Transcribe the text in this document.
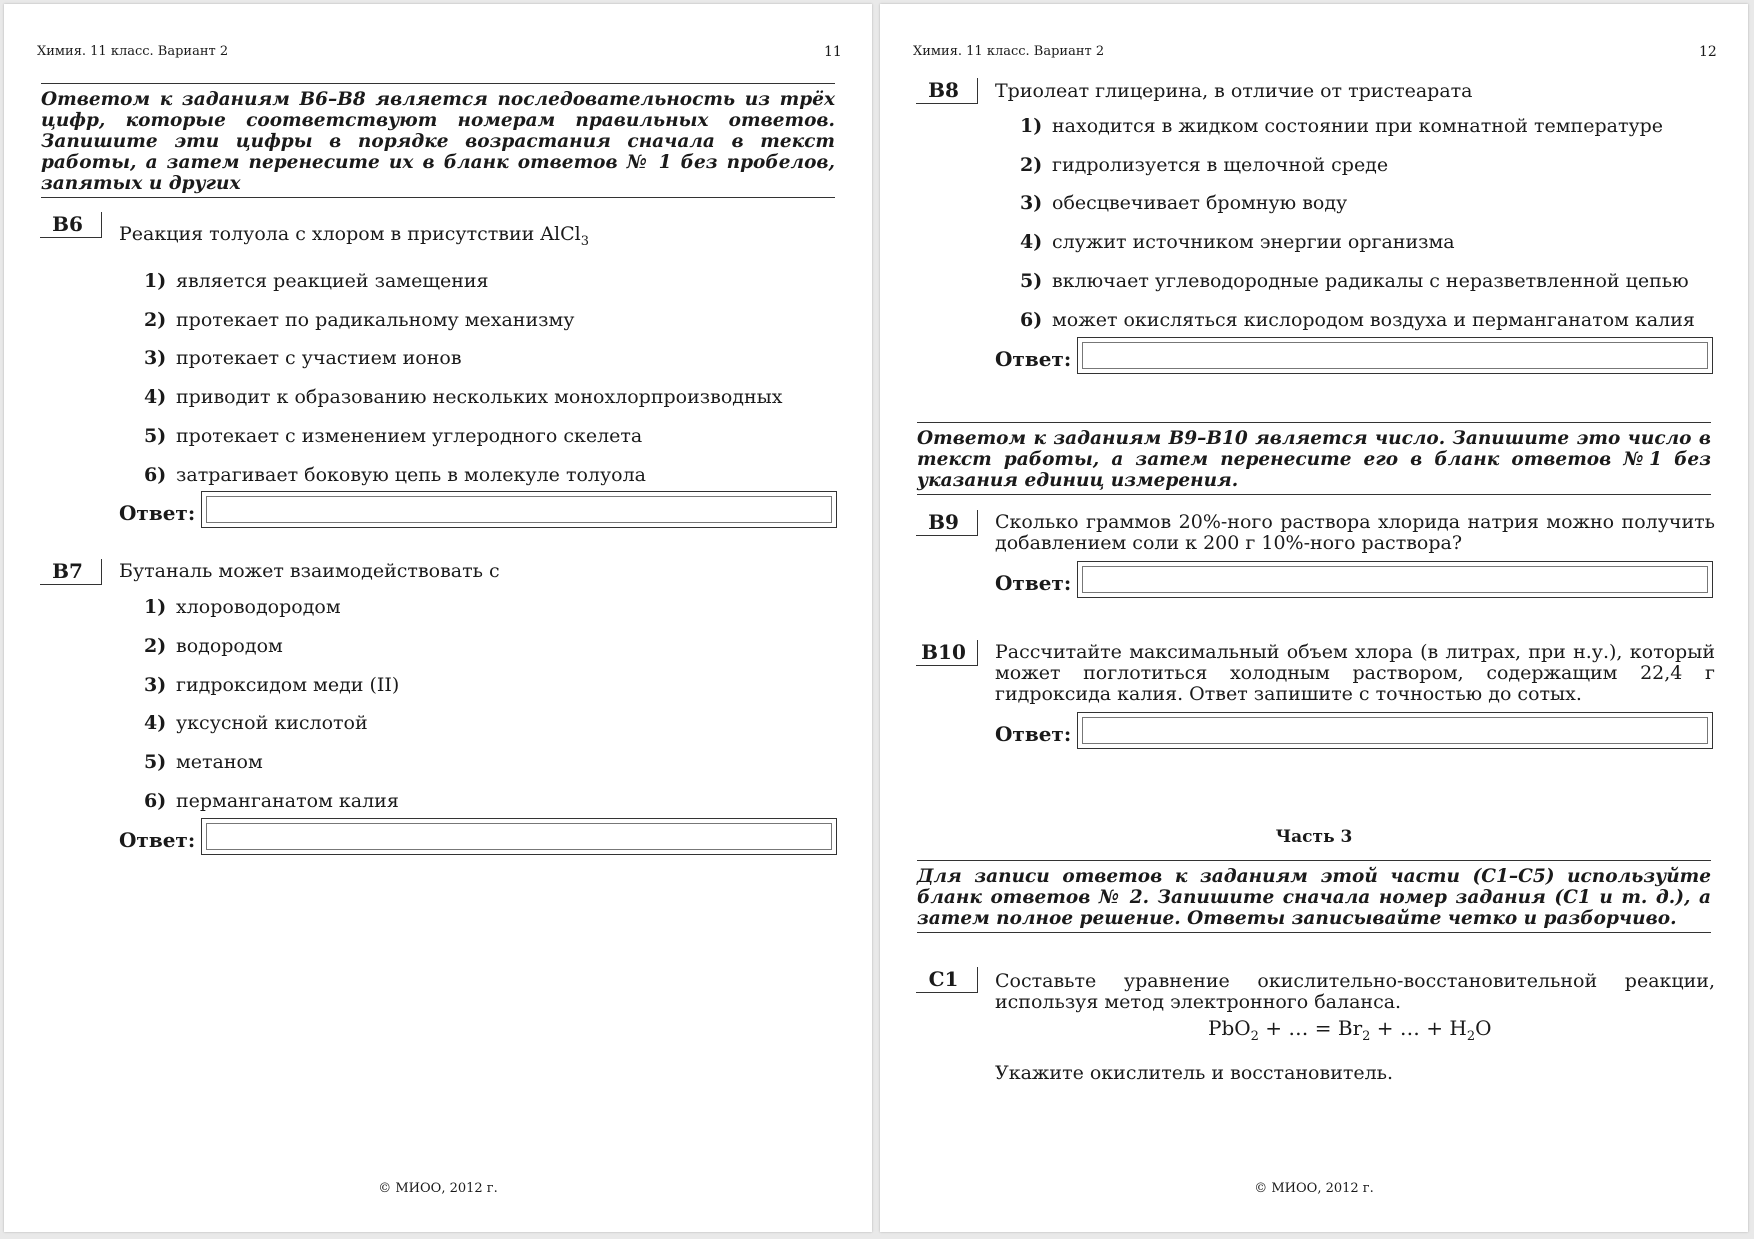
Химия. 11 класс. Вариант 2	11
Ответом к заданиям В6–В8 является последовательность из трёх цифр, которые соответствуют номерам правильных ответов. Запишите эти цифры в порядке возрастания сначала в текст работы, а затем перенесите их в бланк ответов № 1 без пробелов, запятых и других
В6	Реакция толуола с хлором в присутствии AlCl$_3$
1) является реакцией замещения
2) протекает по радикальному механизму
3) протекает с участием ионов
4) приводит к образованию нескольких монохлорпроизводных
5) протекает с изменением углеродного скелета
6) затрагивает боковую цепь в молекуле толуола
Ответ:
В7	Бутаналь может взаимодействовать с
1) хлороводородом
2) водородом
3) гидроксидом меди (II)
4) уксусной кислотой
5) метаном
6) перманганатом калия
Ответ:
© МИОО, 2012 г.
Химия. 11 класс. Вариант 2	12
В8	Триолеат глицерина, в отличие от тристеарата
1) находится в жидком состоянии при комнатной температуре
2) гидролизуется в щелочной среде
3) обесцвечивает бромную воду
4) служит источником энергии организма
5) включает углеводородные радикалы с неразветвленной цепью
6) может окисляться кислородом воздуха и перманганатом калия
Ответ:
Ответом к заданиям В9–В10 является число. Запишите это число в текст работы, а затем перенесите его в бланк ответов №1 без указания единиц измерения.
В9	Сколько граммов 20%-ного раствора хлорида натрия можно получить добавлением соли к 200 г 10%-ного раствора?
Ответ:
В10	Рассчитайте максимальный объем хлора (в литрах, при н.у.), который может поглотиться холодным раствором, содержащим 22,4 г гидроксида калия. Ответ запишите с точностью до сотых.
Ответ:
Часть 3
Для записи ответов к заданиям этой части (С1–С5) используйте бланк ответов № 2. Запишите сначала номер задания (С1 и т. д.), а затем полное решение. Ответы записывайте четко и разборчиво.
С1	Составьте уравнение окислительно-восстановительной реакции, используя метод электронного баланса.
PbO$_2$ + … = $Br_2$ + … + $H_2O$
Укажите окислитель и восстановитель.
© МИОО, 2012 г.
